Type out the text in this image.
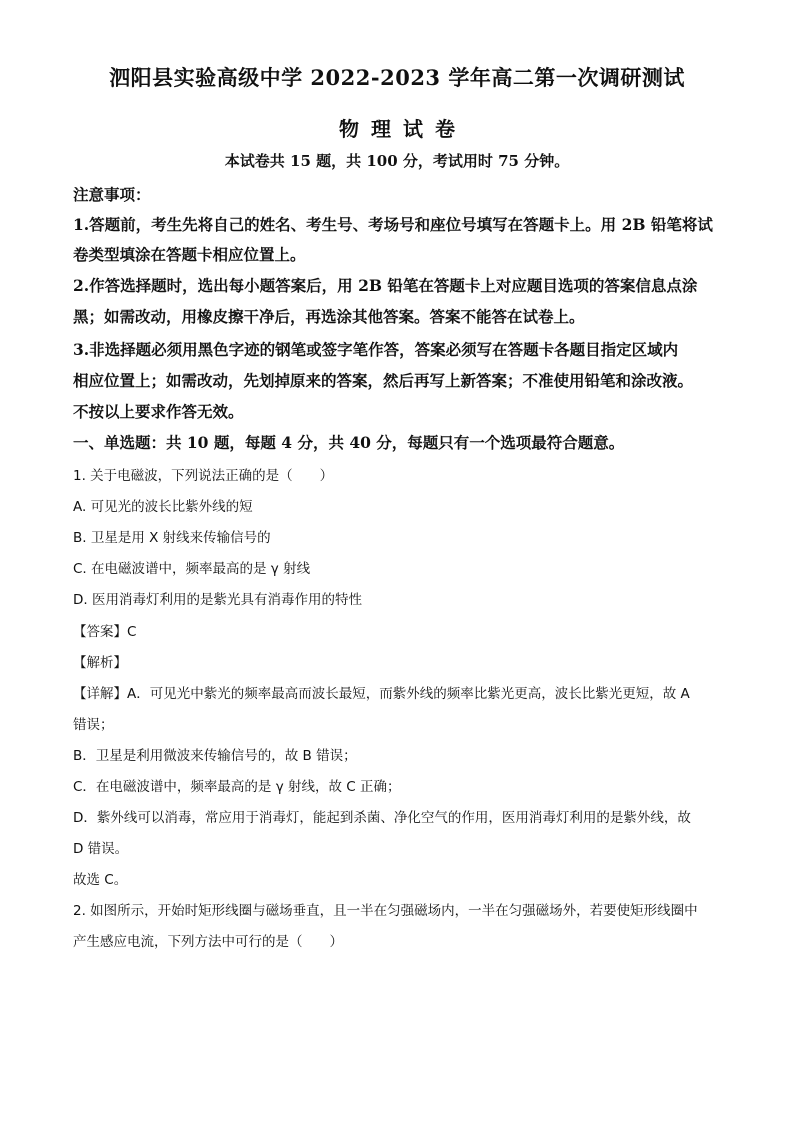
泗阳县实验高级中学 2022-2023 学年高二第一次调研测试
物理试卷
本试卷共 15 题，共 100 分，考试用时 75 分钟。
注意事项：
1.答题前，考生先将自己的姓名、考生号、考场号和座位号填写在答题卡上。用 2B 铅笔将试
卷类型填涂在答题卡相应位置上。
2.作答选择题时，选出每小题答案后，用 2B 铅笔在答题卡上对应题目选项的答案信息点涂
黑；如需改动，用橡皮擦干净后，再选涂其他答案。答案不能答在试卷上。
3.非选择题必须用黑色字迹的钢笔或签字笔作答，答案必须写在答题卡各题目指定区域内
相应位置上；如需改动，先划掉原来的答案，然后再写上新答案；不准使用铅笔和涂改液。
不按以上要求作答无效。
一、单选题：共 10 题，每题 4 分，共 40 分，每题只有一个选项最符合题意。
1. 关于电磁波，下列说法正确的是（　　）
A. 可见光的波长比紫外线的短
B. 卫星是用 X 射线来传输信号的
C. 在电磁波谱中，频率最高的是 γ 射线
D. 医用消毒灯利用的是紫光具有消毒作用的特性
【答案】C
【解析】
【详解】A．可见光中紫光的频率最高而波长最短，而紫外线的频率比紫光更高，波长比紫光更短，故 A
错误；
B．卫星是利用微波来传输信号的，故 B 错误；
C．在电磁波谱中，频率最高的是 γ 射线，故 C 正确；
D．紫外线可以消毒，常应用于消毒灯，能起到杀菌、净化空气的作用，医用消毒灯利用的是紫外线，故
D 错误。
故选 C。
2. 如图所示，开始时矩形线圈与磁场垂直，且一半在匀强磁场内，一半在匀强磁场外，若要使矩形线圈中
产生感应电流，下列方法中可行的是（　　）
